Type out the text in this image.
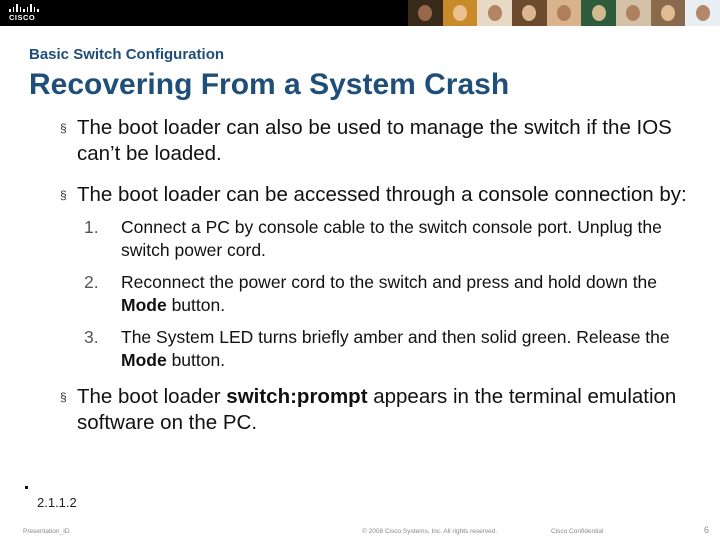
CISCO
Basic Switch Configuration
Recovering From a System Crash
§ The boot loader can also be used to manage the switch if the IOS can’t be loaded.
§ The boot loader can be accessed through a console connection by:
1. Connect a PC by console cable to the switch console port. Unplug the switch power cord.
2. Reconnect the power cord to the switch and press and hold down the Mode button.
3. The System LED turns briefly amber and then solid green. Release the Mode button.
§ The boot loader switch:prompt appears in the terminal emulation software on the PC.
2.1.1.2
Presentation_ID	© 2008 Cisco Systems, Inc. All rights reserved.	Cisco Confidential	6
